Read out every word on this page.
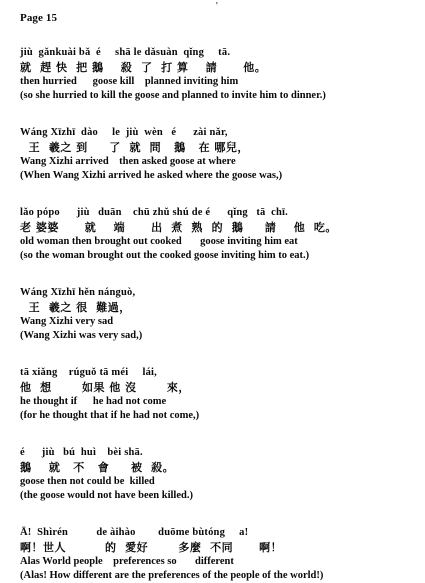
'
Page 15
jiù  gǎnkuài bǎ  é     shā le dǎsuàn  qǐng     tā.
就  趕 快  把 鵝    殺  了  打 算    請      他。
then hurried      goose kill    planned inviting him
(so she hurried to kill the goose and planned to invite him to dinner.)
Wáng Xīzhī  dào     le  jiù  wèn   é      zài nǎr,
王  羲之 到     了  就  問   鵝   在 哪兒，
Wang Xizhi arrived    then asked goose at where
(When Wang Xizhi arrived he asked where the goose was,)
lǎo pópo      jiù   duān    chū zhǔ shú de é      qǐng   tā  chī.
老 婆婆      就    端      出  煮  熟  的  鵝     請    他  吃。
old woman then brought out cooked       goose inviting him eat
(so the woman brought out the cooked goose inviting him to eat.)
Wáng Xīzhī hěn nánguò,
王  羲之 很  難過，
Wang Xizhi very sad
(Wang Xizhi was very sad,)
tā xiǎng    rúguǒ tā méi     lái,
他  想       如果 他 沒       來，
he thought if      he had not come
(for he thought that if he had not come,)
é      jiù   bú  huì    bèi shā.
鵝    就   不   會     被  殺。
goose then not could be  killed
(the goose would not have been killed.)
Ā!  Shìrén          de àihào        duōme bùtóng     a!
啊！世人         的  愛好       多麼  不同      啊！
Alas World people    preferences so       different
(Alas! How different are the preferences of the people of the world!)
